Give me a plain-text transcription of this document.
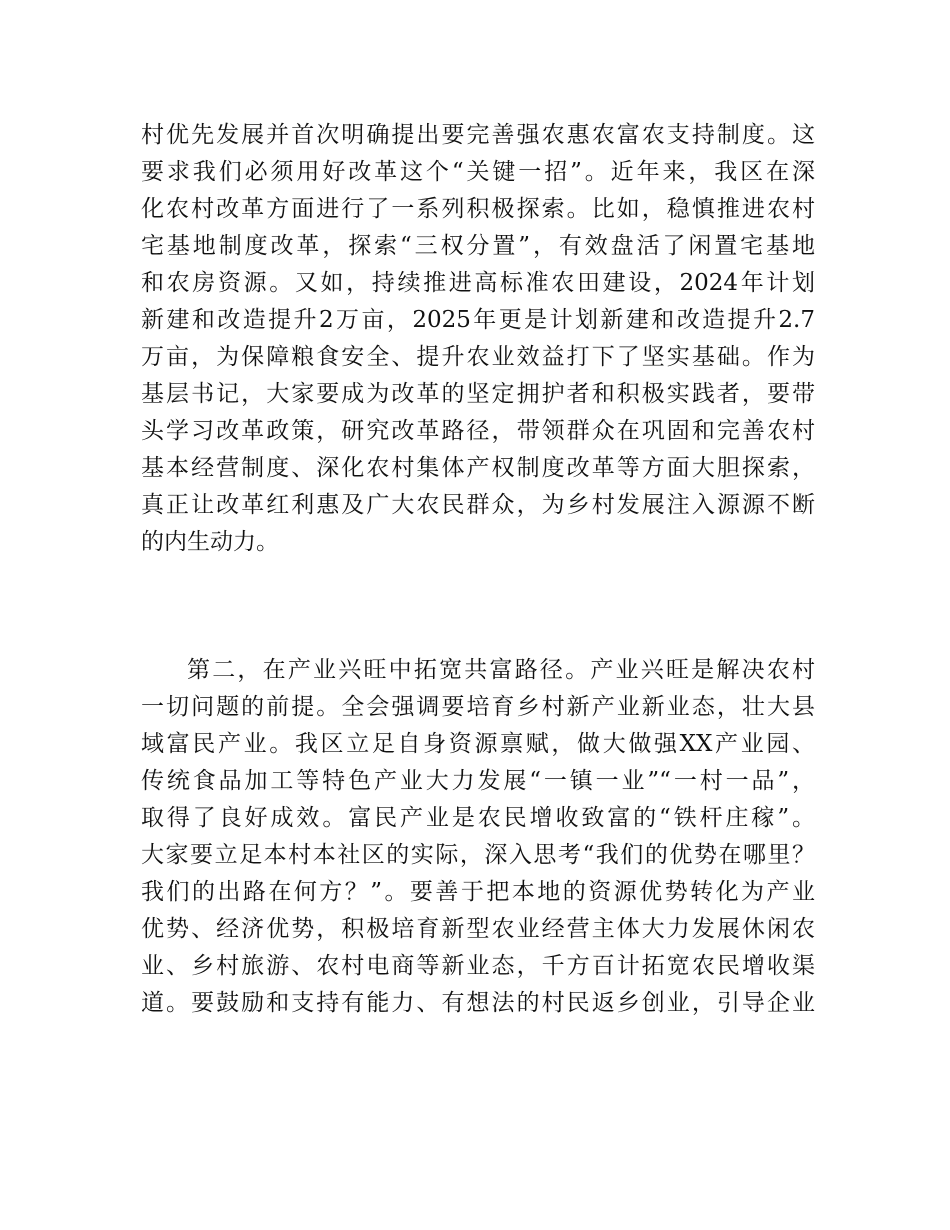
村优先发展并首次明确提出要完善强农惠农富农支持制度。这
要求我们必须用好改革这个“关键一招”。近年来，我区在深
化农村改革方面进行了一系列积极探索。比如，稳慎推进农村
宅基地制度改革，探索“三权分置”，有效盘活了闲置宅基地
和农房资源。又如，持续推进高标准农田建设，2024年计划
新建和改造提升2万亩，2025年更是计划新建和改造提升2.7
万亩，为保障粮食安全、提升农业效益打下了坚实基础。作为
基层书记，大家要成为改革的坚定拥护者和积极实践者，要带
头学习改革政策，研究改革路径，带领群众在巩固和完善农村
基本经营制度、深化农村集体产权制度改革等方面大胆探索，
真正让改革红利惠及广大农民群众，为乡村发展注入源源不断
的内生动力。
第二，在产业兴旺中拓宽共富路径。产业兴旺是解决农村
一切问题的前提。全会强调要培育乡村新产业新业态，壮大县
域富民产业。我区立足自身资源禀赋，做大做强XX产业园、
传统食品加工等特色产业大力发展“一镇一业”“一村一品”，
取得了良好成效。富民产业是农民增收致富的“铁杆庄稼”。
大家要立足本村本社区的实际，深入思考“我们的优势在哪里？
我们的出路在何方？”。要善于把本地的资源优势转化为产业
优势、经济优势，积极培育新型农业经营主体大力发展休闲农
业、乡村旅游、农村电商等新业态，千方百计拓宽农民增收渠
道。要鼓励和支持有能力、有想法的村民返乡创业，引导企业
